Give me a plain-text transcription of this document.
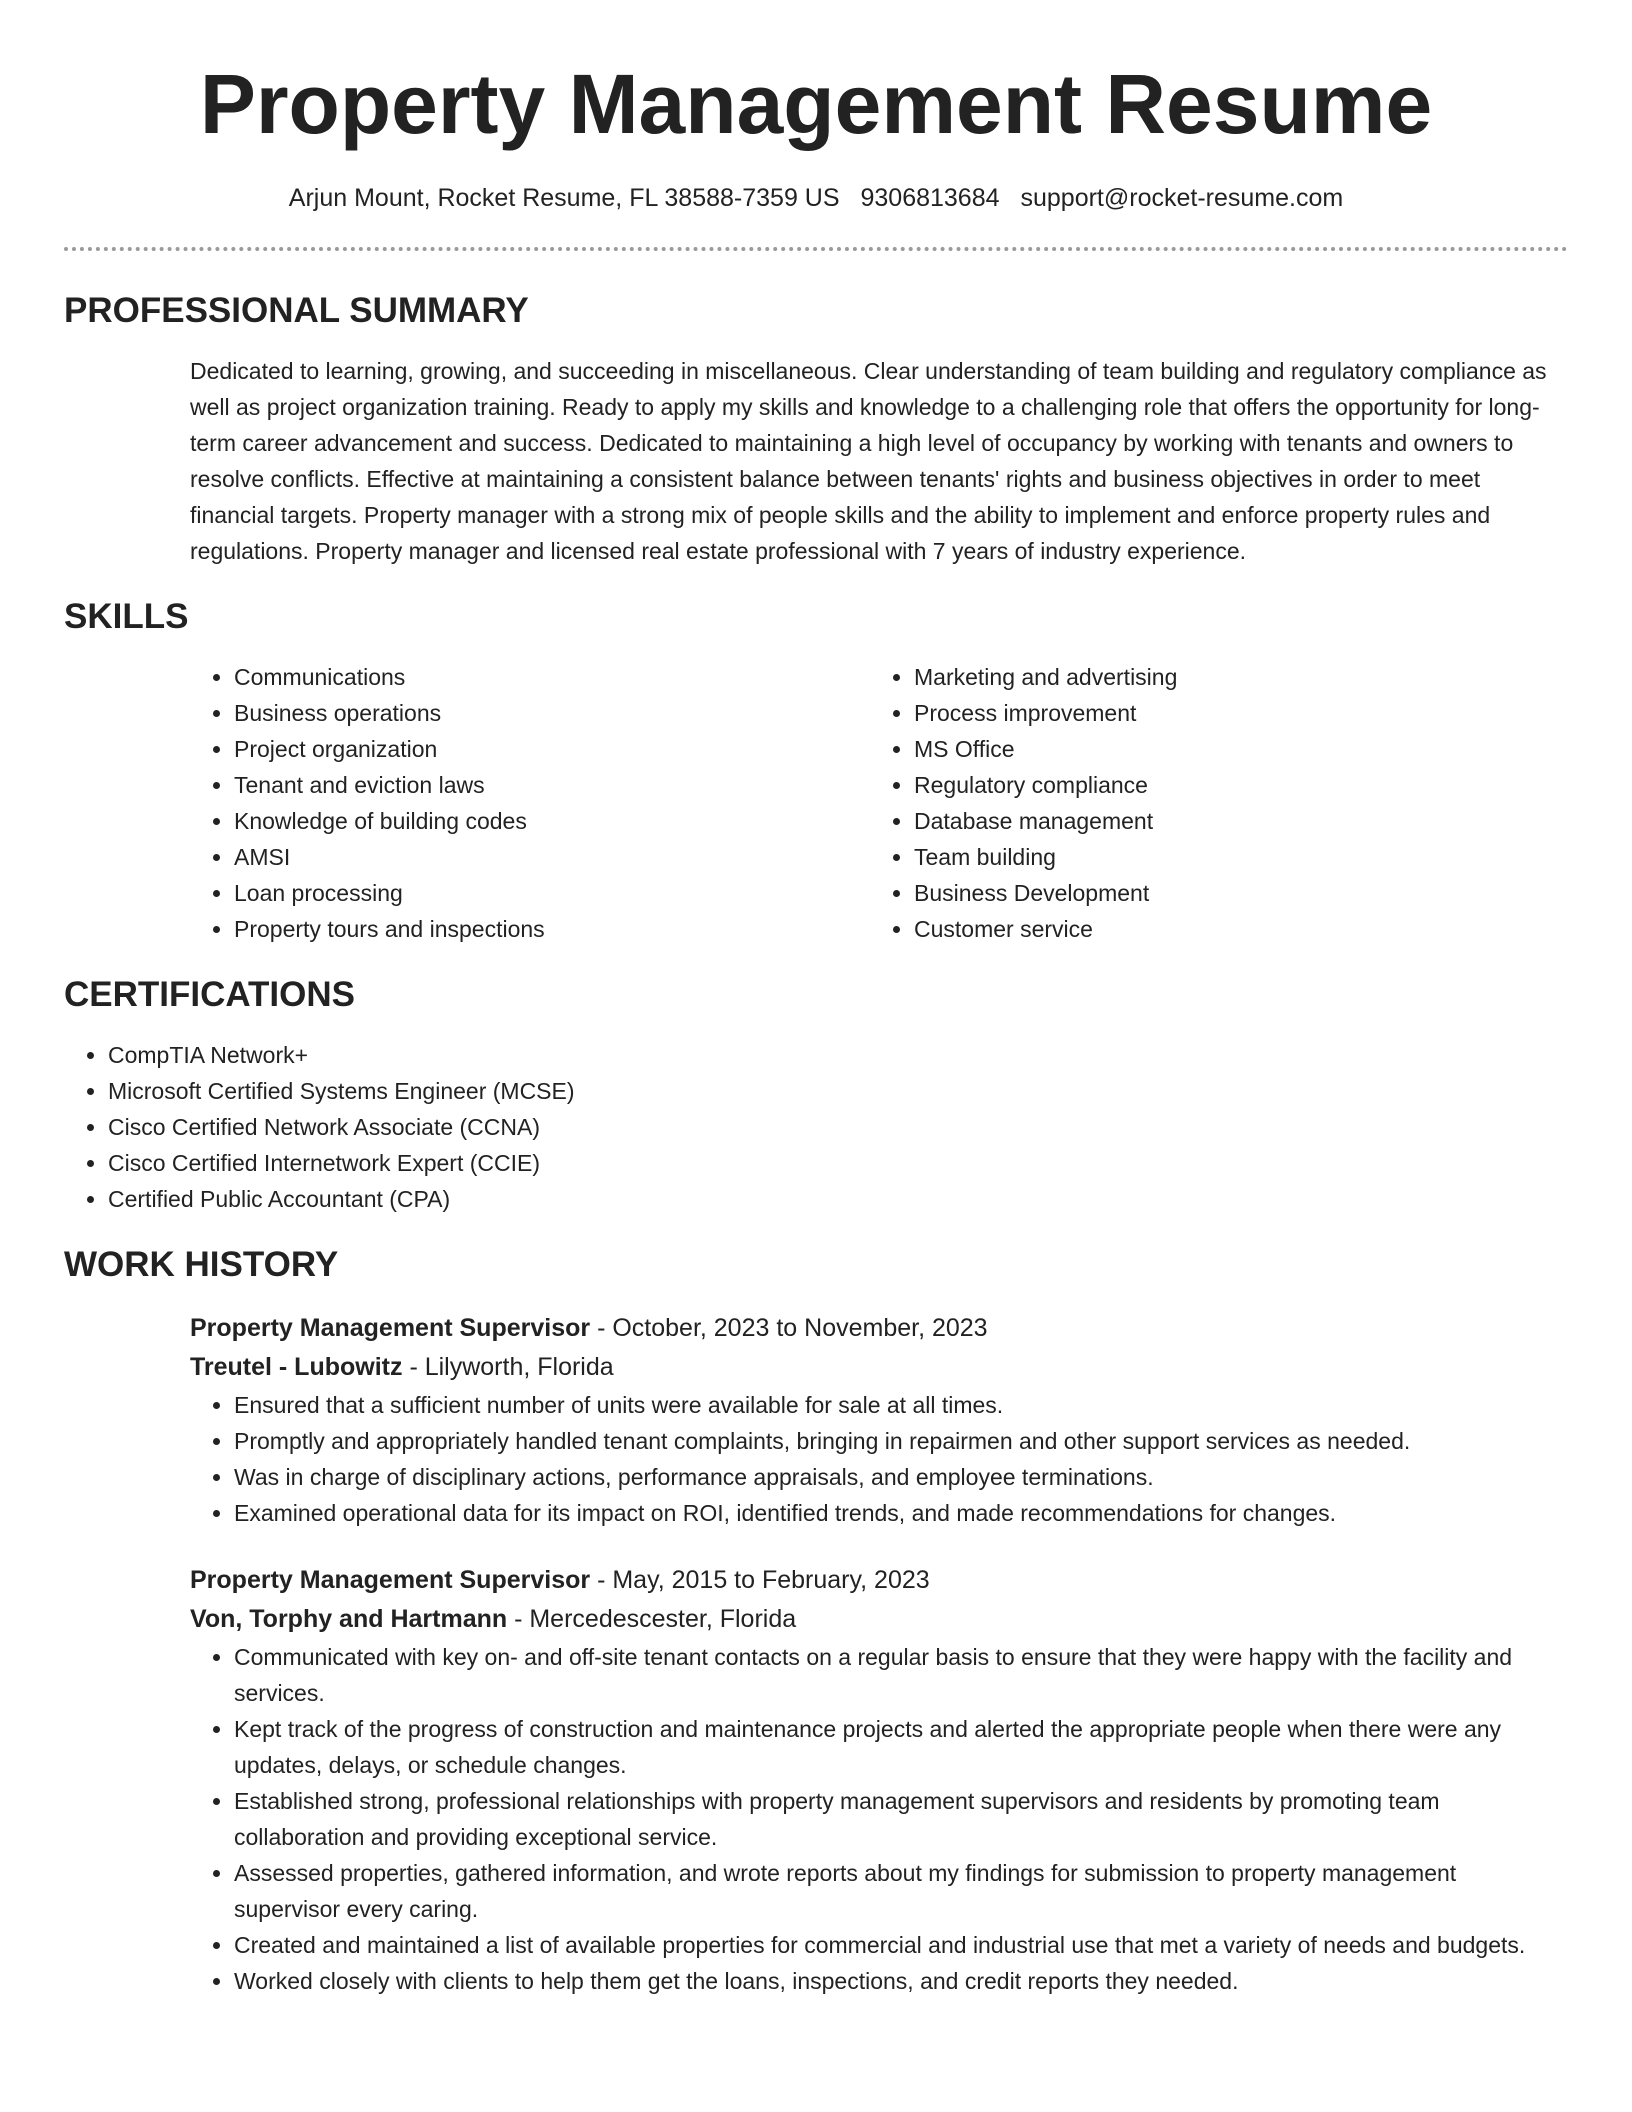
Property Management Resume
Arjun Mount, Rocket Resume, FL 38588-7359 US 9306813684 support@rocket-resume.com
PROFESSIONAL SUMMARY

Dedicated to learning, growing, and succeeding in miscellaneous. Clear understanding of team building and regulatory compliance as well as project organization training. Ready to apply my skills and knowledge to a challenging role that offers the opportunity for long-term career advancement and success. Dedicated to maintaining a high level of occupancy by working with tenants and owners to resolve conflicts. Effective at maintaining a consistent balance between tenants' rights and business objectives in order to meet financial targets. Property manager with a strong mix of people skills and the ability to implement and enforce property rules and regulations. Property manager and licensed real estate professional with 7 years of industry experience.

SKILLS
• Communications
• Business operations
• Project organization
• Tenant and eviction laws
• Knowledge of building codes
• AMSI
• Loan processing
• Property tours and inspections
• Marketing and advertising
• Process improvement
• MS Office
• Regulatory compliance
• Database management
• Team building
• Business Development
• Customer service
CERTIFICATIONS
• CompTIA Network+
• Microsoft Certified Systems Engineer (MCSE)
• Cisco Certified Network Associate (CCNA)
• Cisco Certified Internetwork Expert (CCIE)
• Certified Public Accountant (CPA)
WORK HISTORY
Property Management Supervisor - October, 2023 to November, 2023
Treutel - Lubowitz - Lilyworth, Florida
• Ensured that a sufficient number of units were available for sale at all times.
• Promptly and appropriately handled tenant complaints, bringing in repairmen and other support services as needed.
• Was in charge of disciplinary actions, performance appraisals, and employee terminations.
• Examined operational data for its impact on ROI, identified trends, and made recommendations for changes.
Property Management Supervisor - May, 2015 to February, 2023
Von, Torphy and Hartmann - Mercedescester, Florida
• Communicated with key on- and off-site tenant contacts on a regular basis to ensure that they were happy with the facility and services.
• Kept track of the progress of construction and maintenance projects and alerted the appropriate people when there were any updates, delays, or schedule changes.
• Established strong, professional relationships with property management supervisors and residents by promoting team collaboration and providing exceptional service.
• Assessed properties, gathered information, and wrote reports about my findings for submission to property management supervisor every caring.
• Created and maintained a list of available properties for commercial and industrial use that met a variety of needs and budgets.
• Worked closely with clients to help them get the loans, inspections, and credit reports they needed.
